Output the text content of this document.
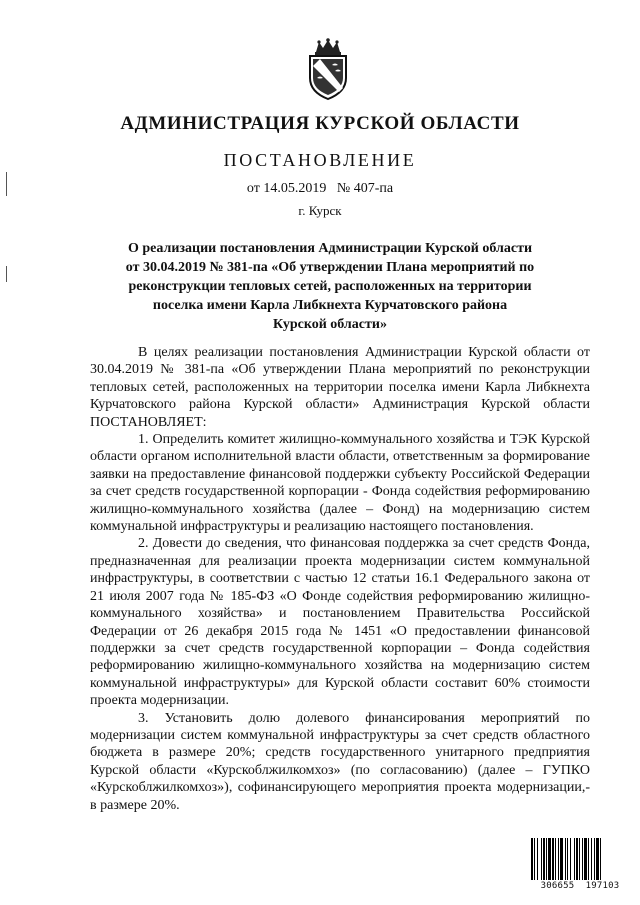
АДМИНИСТРАЦИЯ КУРСКОЙ ОБЛАСТИ
ПОСТАНОВЛЕНИЕ
от 14.05.2019   № 407-па
г. Курск
О реализации постановления Администрации Курской области
от 30.04.2019 № 381-па «Об утверждении Плана мероприятий по
реконструкции тепловых сетей, расположенных на территории
поселка имени Карла Либкнехта Курчатовского района
Курской области»

В целях реализации постановления Администрации Курской области от 30.04.2019 № 381-па «Об утверждении Плана мероприятий по реконструкции тепловых сетей, расположенных на территории поселка имени Карла Либкнехта Курчатовского района Курской области» Администрация Курской области ПОСТАНОВЛЯЕТ:

1. Определить комитет жилищно-коммунального хозяйства и ТЭК Курской области органом исполнительной власти области, ответственным за формирование заявки на предоставление финансовой поддержки субъекту Российской Федерации за счет средств государственной корпорации - Фонда содействия реформированию жилищно-коммунального хозяйства (далее – Фонд) на модернизацию систем коммунальной инфраструктуры и реализацию настоящего постановления.

2. Довести до сведения, что финансовая поддержка за счет средств Фонда, предназначенная для реализации проекта модернизации систем коммунальной инфраструктуры, в соответствии с частью 12 статьи 16.1 Федерального закона от 21 июля 2007 года № 185-ФЗ «О Фонде содействия реформированию жилищно-коммунального хозяйства» и постановлением Правительства Российской Федерации от 26 декабря 2015 года № 1451 «О предоставлении финансовой поддержки за счет средств государственной корпорации – Фонда содействия реформированию жилищно-коммунального хозяйства на модернизацию систем коммунальной инфраструктуры» для Курской области составит 60% стоимости проекта модернизации.

3. Установить долю долевого финансирования мероприятий по модернизации систем коммунальной инфраструктуры за счет средств областного бюджета в размере 20%; средств государственного унитарного предприятия Курской области «Курскоблжилкомхоз» (по согласованию) (далее – ГУПКО «Курскоблжилкомхоз»), софинансирующего мероприятия проекта модернизации,- в размере 20%.

306655  197103
